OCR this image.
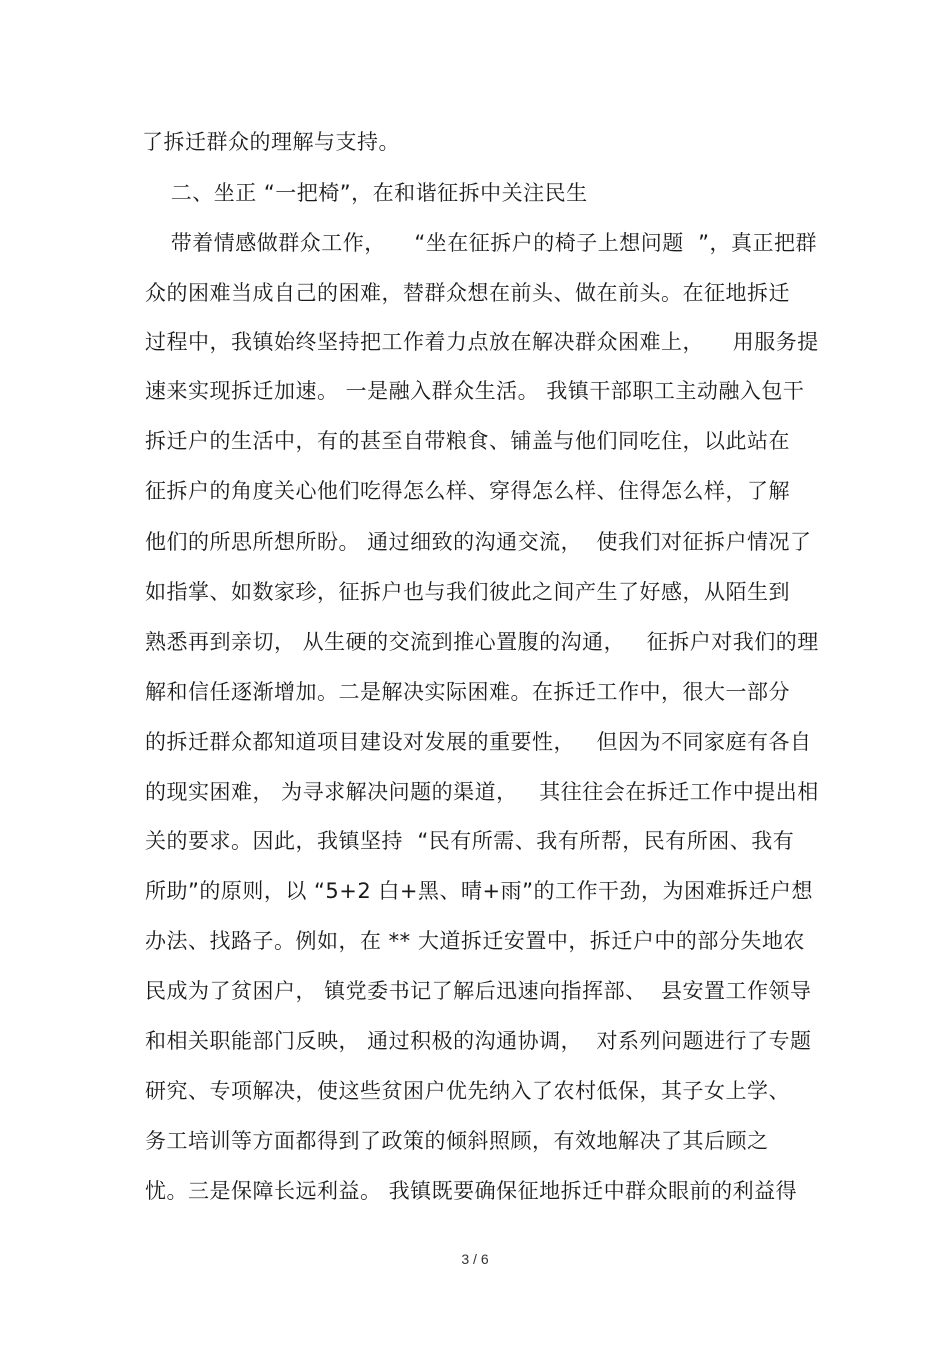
了拆迁群众的理解与支持。
二、坐正 “一把椅”，在和谐征拆中关注民生
带着情感做群众工作，    “坐在征拆户的椅子上想问题  ”，真正把群
众的困难当成自己的困难，替群众想在前头、做在前头。在征地拆迁
过程中，我镇始终坚持把工作着力点放在解决群众困难上，    用服务提
速来实现拆迁加速。 一是融入群众生活。 我镇干部职工主动融入包干
拆迁户的生活中，有的甚至自带粮食、铺盖与他们同吃住，以此站在
征拆户的角度关心他们吃得怎么样、穿得怎么样、住得怎么样，了解
他们的所思所想所盼。 通过细致的沟通交流，  使我们对征拆户情况了
如指掌、如数家珍，征拆户也与我们彼此之间产生了好感，从陌生到
熟悉再到亲切， 从生硬的交流到推心置腹的沟通，   征拆户对我们的理
解和信任逐渐增加。二是解决实际困难。在拆迁工作中，很大一部分
的拆迁群众都知道项目建设对发展的重要性，   但因为不同家庭有各自
的现实困难， 为寻求解决问题的渠道，   其往往会在拆迁工作中提出相
关的要求。因此，我镇坚持  “民有所需、我有所帮，民有所困、我有
所助”的原则，以 “5+2 白+黑、晴+雨”的工作干劲，为困难拆迁户想
办法、找路子。例如，在 ** 大道拆迁安置中，拆迁户中的部分失地农
民成为了贫困户， 镇党委书记了解后迅速向指挥部、  县安置工作领导
和相关职能部门反映， 通过积极的沟通协调，  对系列问题进行了专题
研究、专项解决，使这些贫困户优先纳入了农村低保，其子女上学、
务工培训等方面都得到了政策的倾斜照顾，有效地解决了其后顾之
忧。三是保障长远利益。 我镇既要确保征地拆迁中群众眼前的利益得
3 / 6
